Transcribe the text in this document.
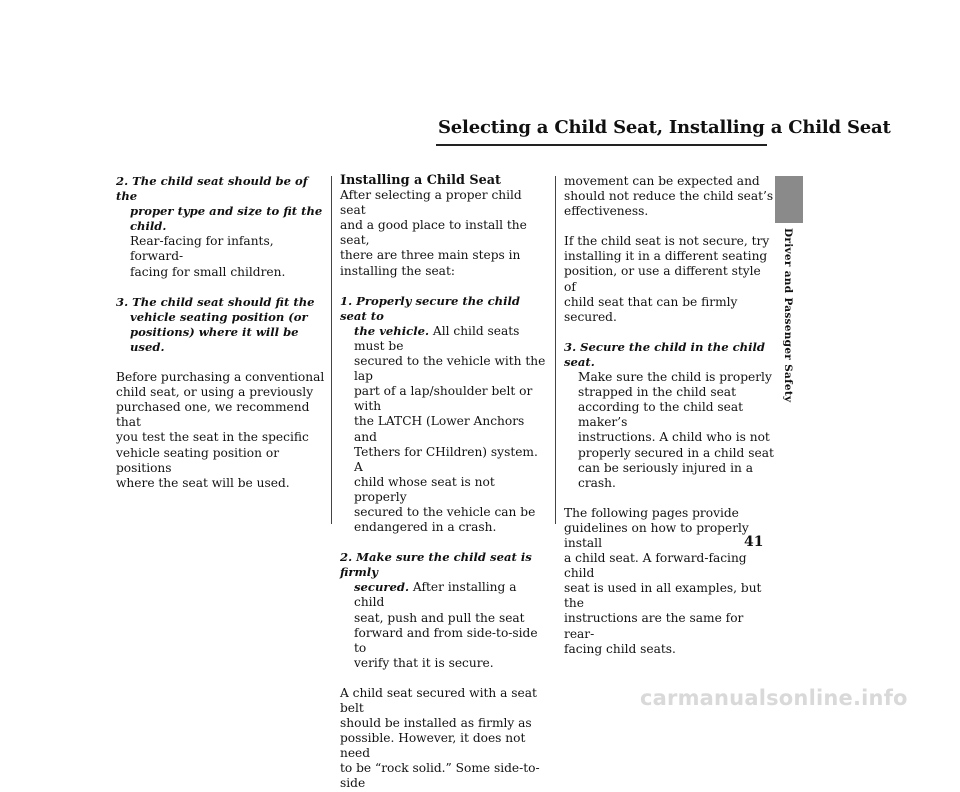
Selecting a Child Seat, Installing a Child Seat
2. The child seat should be of the
proper type and size to fit the child.
Rear-facing for infants, forward-
facing for small children.
3. The child seat should fit the
vehicle seating position (or
positions) where it will be used.
Before purchasing a conventional
child seat, or using a previously
purchased one, we recommend that
you test the seat in the specific
vehicle seating position or positions
where the seat will be used.
Installing a Child Seat
After selecting a proper child seat
and a good place to install the seat,
there are three main steps in
installing the seat:
1. Properly secure the child seat to
the vehicle. All child seats must be
secured to the vehicle with the lap
part of a lap/shoulder belt or with
the LATCH (Lower Anchors and
Tethers for CHildren) system. A
child whose seat is not properly
secured to the vehicle can be
endangered in a crash.
2. Make sure the child seat is firmly
secured. After installing a child
seat, push and pull the seat
forward and from side-to-side to
verify that it is secure.
A child seat secured with a seat belt
should be installed as firmly as
possible. However, it does not need
to be “rock solid.” Some side-to-side
movement can be expected and
should not reduce the child seat’s
effectiveness.
If the child seat is not secure, try
installing it in a different seating
position, or use a different style of
child seat that can be firmly secured.
3. Secure the child in the child seat.
Make sure the child is properly
strapped in the child seat
according to the child seat maker’s
instructions. A child who is not
properly secured in a child seat
can be seriously injured in a crash.
The following pages provide
guidelines on how to properly install
a child seat. A forward-facing child
seat is used in all examples, but the
instructions are the same for rear-
facing child seats.
Driver and Passenger Safety
41
carmanualsonline.info
